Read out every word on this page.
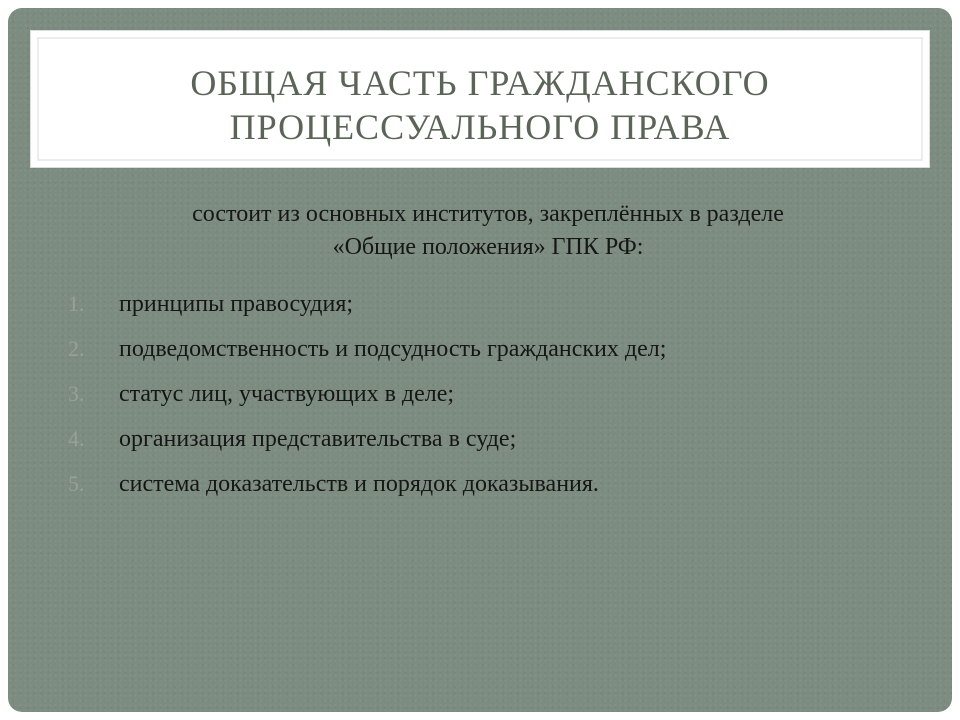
ОБЩАЯ ЧАСТЬ ГРАЖДАНСКОГО
ПРОЦЕССУАЛЬНОГО ПРАВА

состоит из основных институтов, закреплённых в разделе
«Общие положения» ГПК РФ:

1. принципы правосудия;
2. подведомственность и подсудность гражданских дел;
3. статус лиц, участвующих в деле;
4. организация представительства в суде;
5. система доказательств и порядок доказывания.
